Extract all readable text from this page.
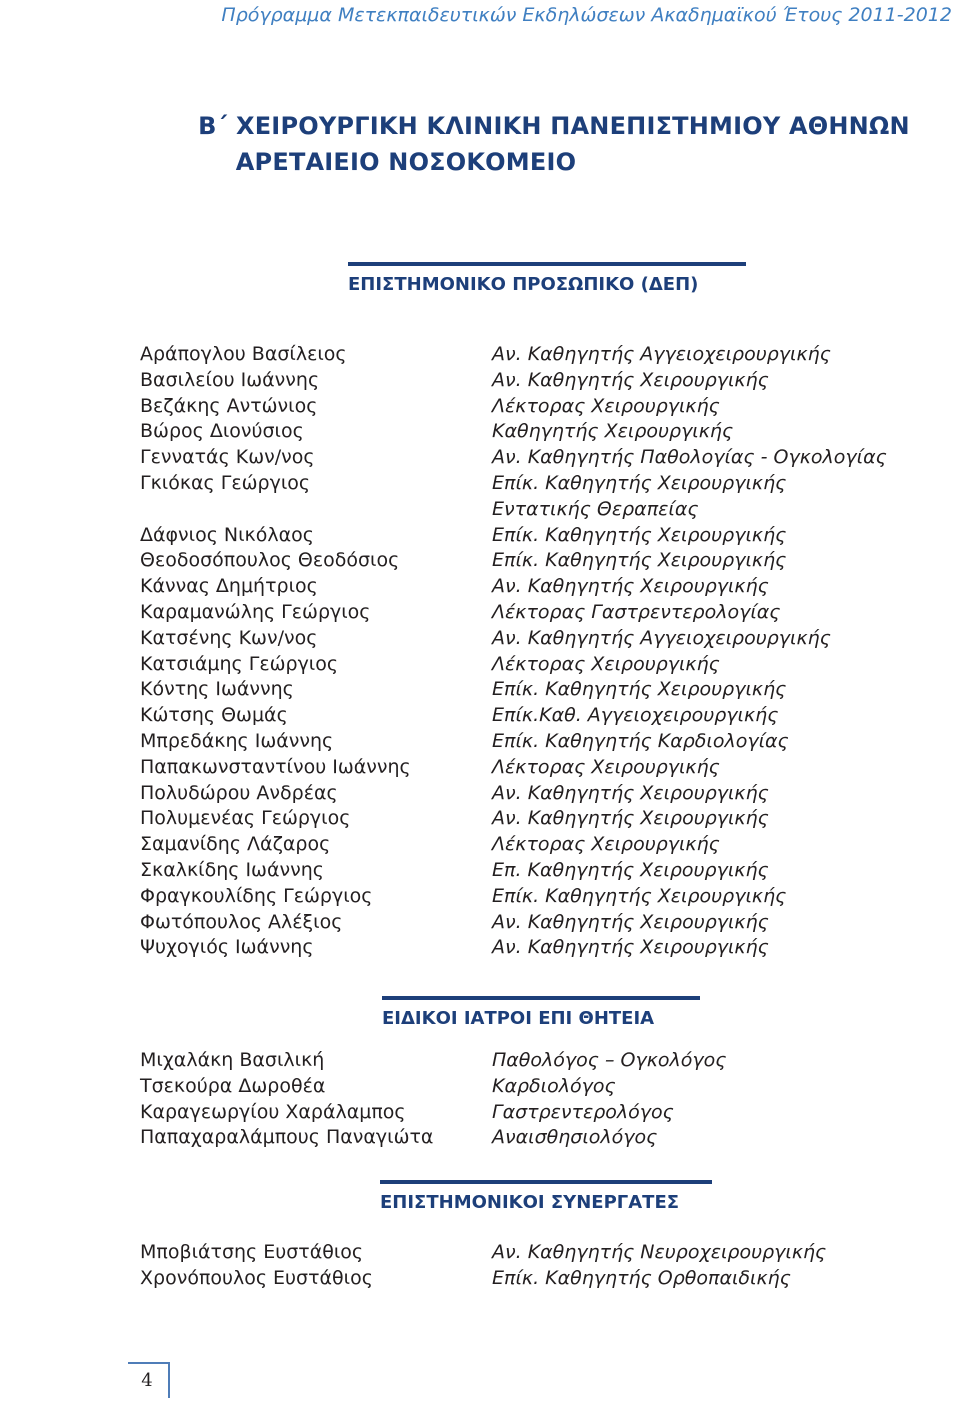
Πρόγραμμα Μετεκπαιδευτικών Εκδηλώσεων Ακαδημαϊκού Έτους 2011-2012
Β΄ ΧΕΙΡΟΥΡΓΙΚΗ ΚΛΙΝΙΚΗ ΠΑΝΕΠΙΣΤΗΜΙΟΥ ΑΘΗΝΩΝ
ΑΡΕΤΑΙΕΙΟ ΝΟΣΟΚΟΜΕΙΟ
ΕΠΙΣΤΗΜΟΝΙΚΟ ΠΡΟΣΩΠΙΚΟ (ΔΕΠ)
Αράπογλου Βασίλειος
Βασιλείου Ιωάννης
Βεζάκης Αντώνιος
Βώρος Διονύσιος
Γεννατάς Κων/νος
Γκιόκας Γεώργιος
Δάφνιος Νικόλαος
Θεοδοσόπουλος Θεοδόσιος
Κάννας Δημήτριος
Καραμανώλης Γεώργιος
Κατσένης Κων/νος
Κατσιάμης Γεώργιος
Κόντης Ιωάννης
Κώτσης Θωμάς
Μπρεδάκης Ιωάννης
Παπακωνσταντίνου Ιωάννης
Πολυδώρου Ανδρέας
Πολυμενέας Γεώργιος
Σαμανίδης Λάζαρος
Σκαλκίδης Ιωάννης
Φραγκουλίδης Γεώργιος
Φωτόπουλος Αλέξιος
Ψυχογιός Ιωάννης
Αν. Καθηγητής Αγγειοχειρουργικής
Αν. Καθηγητής Χειρουργικής
Λέκτορας Χειρουργικής
Καθηγητής Χειρουργικής
Αν. Καθηγητής Παθολογίας - Ογκολογίας
Επίκ. Καθηγητής Χειρουργικής
Εντατικής Θεραπείας
Επίκ. Καθηγητής Χειρουργικής
Επίκ. Καθηγητής Χειρουργικής
Αν. Καθηγητής Χειρουργικής
Λέκτορας Γαστρεντερολογίας
Αν. Καθηγητής Αγγειοχειρουργικής
Λέκτορας Χειρουργικής
Επίκ. Καθηγητής Χειρουργικής
Επίκ.Καθ. Αγγειοχειρουργικής
Επίκ. Καθηγητής Καρδιολογίας
Λέκτορας Χειρουργικής
Αν. Καθηγητής Χειρουργικής
Αν. Καθηγητής Χειρουργικής
Λέκτορας Χειρουργικής
Επ. Καθηγητής Χειρουργικής
Επίκ. Καθηγητής Χειρουργικής
Αν. Καθηγητής Χειρουργικής
Αν. Καθηγητής Χειρουργικής
ΕΙΔΙΚΟΙ ΙΑΤΡΟΙ ΕΠΙ ΘΗΤΕΙΑ
Μιχαλάκη Βασιλική
Τσεκούρα Δωροθέα
Καραγεωργίου Χαράλαμπος
Παπαχαραλάμπους Παναγιώτα
Παθολόγος – Ογκολόγος
Καρδιολόγος
Γαστρεντερολόγος
Αναισθησιολόγος
ΕΠΙΣΤΗΜΟΝΙΚΟΙ ΣΥΝΕΡΓΑΤΕΣ
Μποβιάτσης Ευστάθιος
Χρονόπουλος Ευστάθιος
Αν. Καθηγητής Νευροχειρουργικής
Επίκ. Καθηγητής Ορθοπαιδικής
4
